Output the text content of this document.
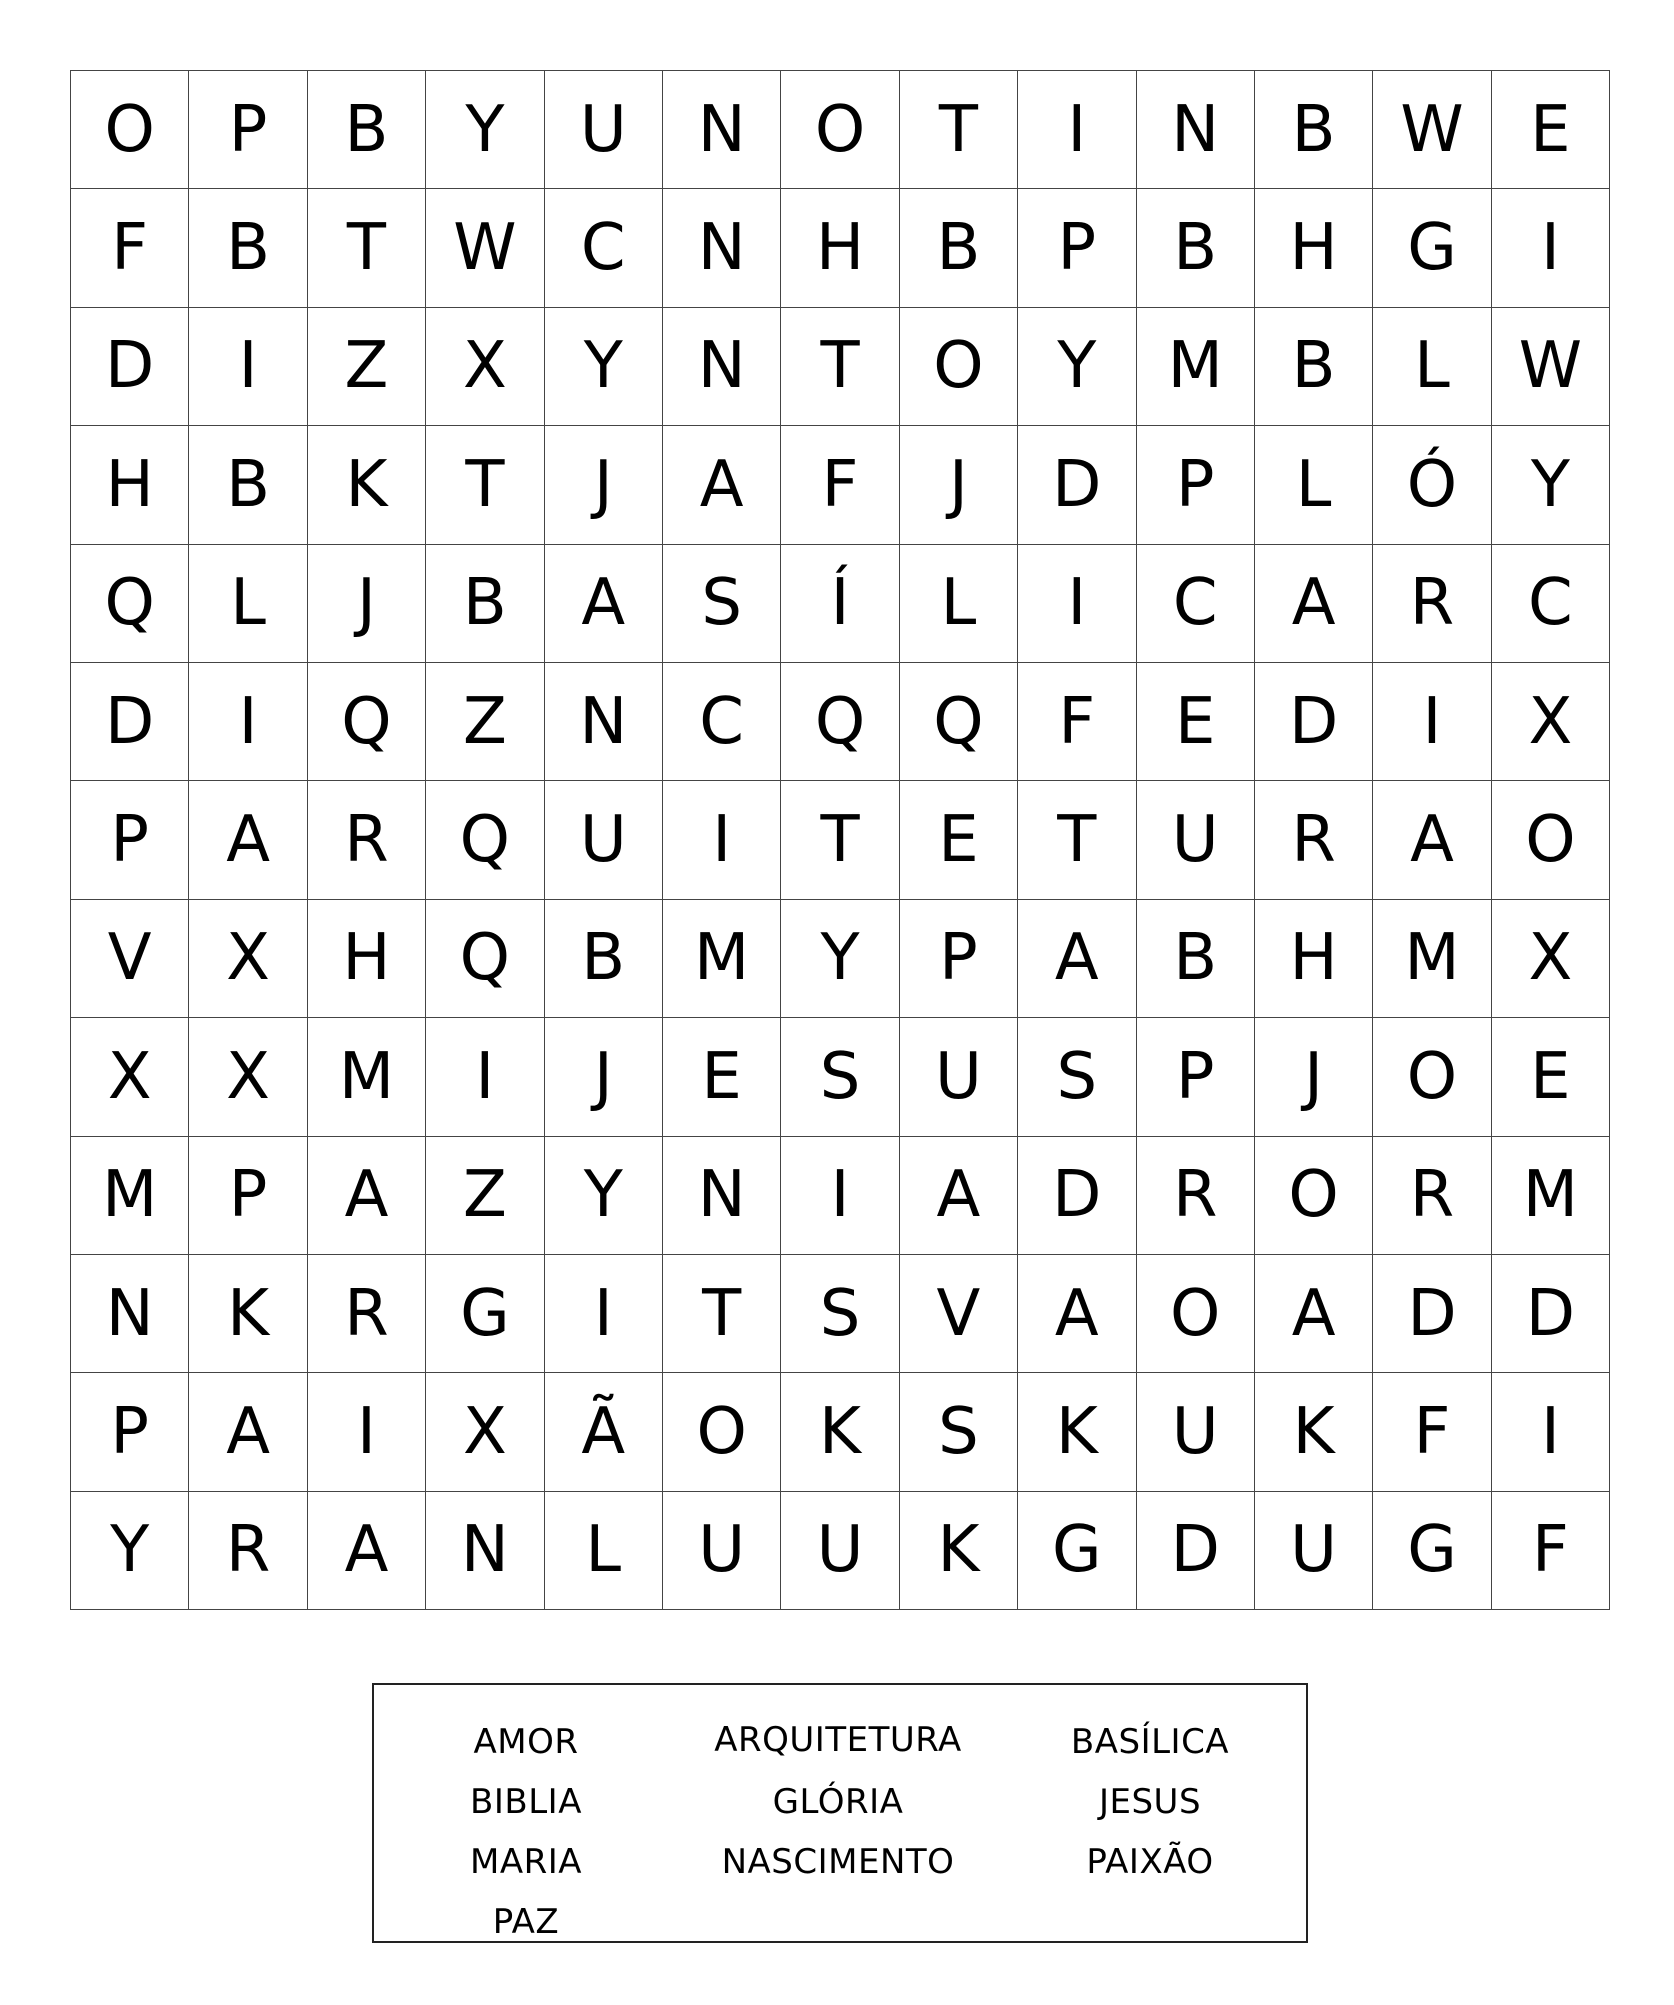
O	P	B	Y	U	N	O	T	I	N	B	W	E
F	B	T	W	C	N	H	B	P	B	H	G	I
D	I	Z	X	Y	N	T	O	Y	M	B	L	W
H	B	K	T	J	A	F	J	D	P	L	Ó	Y
Q	L	J	B	A	S	Í	L	I	C	A	R	C
D	I	Q	Z	N	C	Q	Q	F	E	D	I	X
P	A	R	Q	U	I	T	E	T	U	R	A	O
V	X	H	Q	B	M	Y	P	A	B	H	M	X
X	X	M	I	J	E	S	U	S	P	J	O	E
M	P	A	Z	Y	N	I	A	D	R	O	R	M
N	K	R	G	I	T	S	V	A	O	A	D	D
P	A	I	X	Ã	O	K	S	K	U	K	F	I
Y	R	A	N	L	U	U	K	G	D	U	G	F
AMOR	ARQUITETURA	BASÍLICA
BIBLIA	GLÓRIA	JESUS
MARIA	NASCIMENTO	PAIXÃO
PAZ
